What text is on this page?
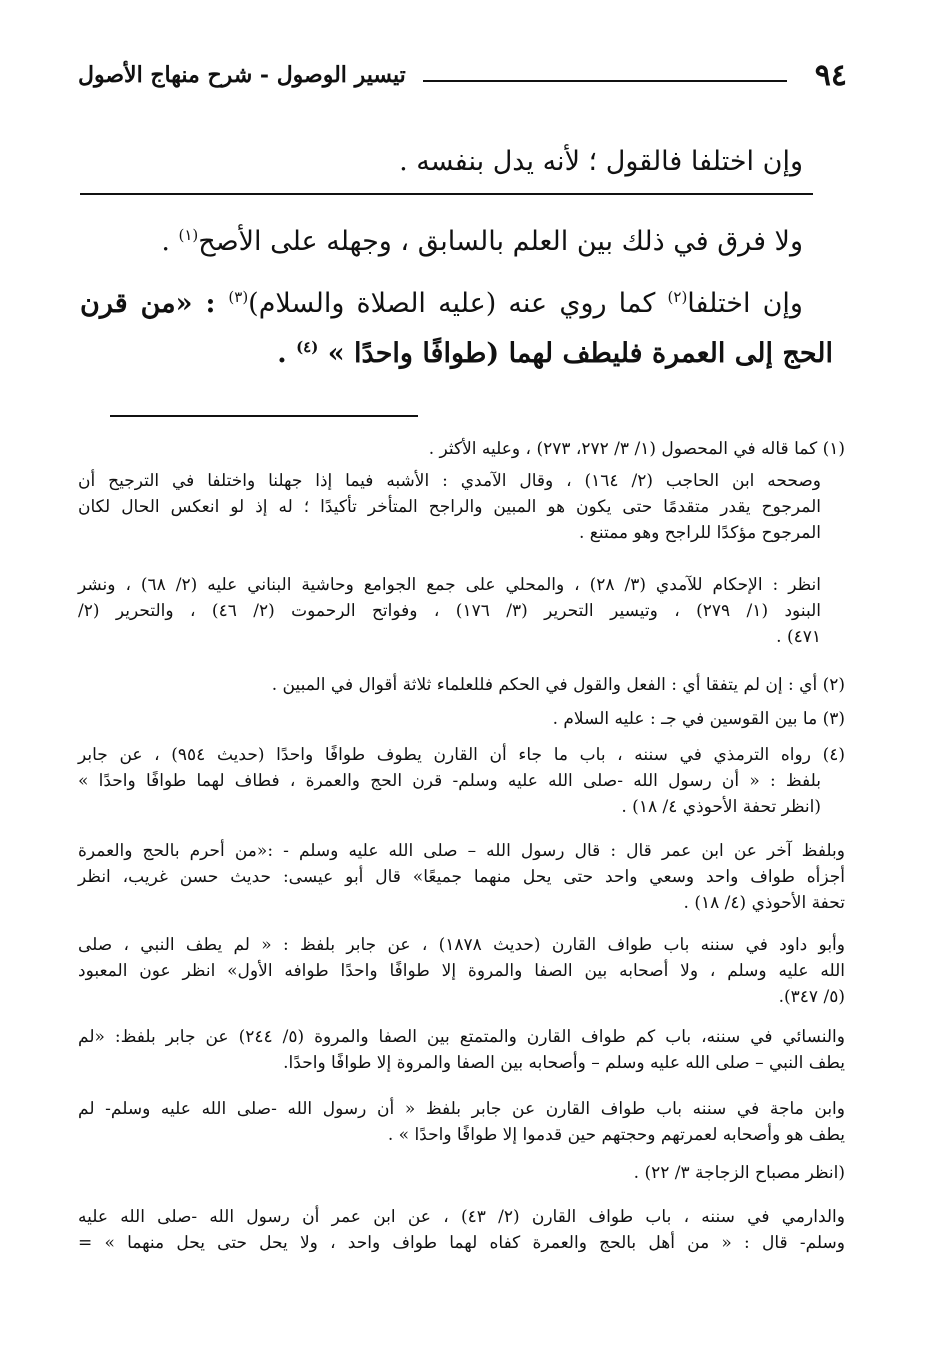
٩٤
تيسير الوصول - شرح منهاج الأصول
وإن اختلفا فالقول ؛ لأنه يدل بنفسه .
ولا فرق في ذلك بين العلم بالسابق ، وجهله على الأصح$^{(١)}$ .
وإن اختلفا$^{(٢)}$ كما روي عنه (عليه الصلاة والسلام)$^{(٣)}$ : «من قرن
الحج إلى العمرة فليطف لهما (طوافًا واحدًا » $^{(٤)}$ .
(١) كما قاله في المحصول (١/ ٣/ ٢٧٢، ٢٧٣) ، وعليه الأكثر .
وصححه ابن الحاجب (٢/ ١٦٤) ، وقال الآمدي : الأشبه فيما إذا جهلنا واختلفا في الترجيح أن
المرجوح يقدر متقدمًا حتى يكون هو المبين والراجح المتأخر تأكيدًا ؛ له إذ لو انعكس الحال لكان
المرجوح مؤكدًا للراجح وهو ممتنع .
انظر : الإحكام للآمدي (٣/ ٢٨) ، والمحلي على جمع الجوامع وحاشية البناني عليه (٢/ ٦٨) ، ونشر
البنود (١/ ٢٧٩) ، وتيسير التحرير (٣/ ١٧٦) ، وفواتح الرحموت (٢/ ٤٦) ، والتحرير (٢/
٤٧١) .
(٢) أي : إن لم يتفقا أي : الفعل والقول في الحكم فللعلماء ثلاثة أقوال في المبين .
(٣) ما بين القوسين في جـ : عليه السلام .
(٤) رواه الترمذي في سننه ، باب ما جاء أن القارن يطوف طوافًا واحدًا (حديث ٩٥٤) ، عن جابر
بلفظ : « أن رسول الله -صلى الله عليه وسلم- قرن الحج والعمرة ، فطاف لهما طوافًا واحدًا »
(انظر تحفة الأحوذي ٤/ ١٨) .
وبلفظ آخر عن ابن عمر قال : قال رسول الله – صلى الله عليه وسلم - :«من أحرم بالحج والعمرة
أجزأه طواف واحد وسعي واحد حتى يحل منهما جميعًا» قال أبو عيسى: حديث حسن غريب، انظر
تحفة الأحوذي (٤/ ١٨) .
وأبو داود في سننه باب طواف القارن (حديث ١٨٧٨) ، عن جابر بلفظ : « لم يطف النبي ، صلى
الله عليه وسلم ، ولا أصحابه بين الصفا والمروة إلا طوافًا واحدًا طوافه الأول» انظر عون المعبود
(٥/ ٣٤٧).
والنسائي في سننه، باب كم طواف القارن والمتمتع بين الصفا والمروة (٥/ ٢٤٤) عن جابر بلفظ: «لم
يطف النبي – صلى الله عليه وسلم – وأصحابه بين الصفا والمروة إلا طوافًا واحدًا.
وابن ماجة في سننه باب طواف القارن عن جابر بلفظ « أن رسول الله -صلى الله عليه وسلم- لم
يطف هو وأصحابه لعمرتهم وحجتهم حين قدموا إلا طوافًا واحدًا » .
(انظر مصباح الزجاجة ٣/ ٢٢) .
والدارمي في سننه ، باب طواف القارن (٢/ ٤٣) ، عن ابن عمر أن رسول الله -صلى الله عليه
وسلم- قال : « من أهل بالحج والعمرة كفاه لهما طواف واحد ، ولا يحل حتى يحل منهما » =
